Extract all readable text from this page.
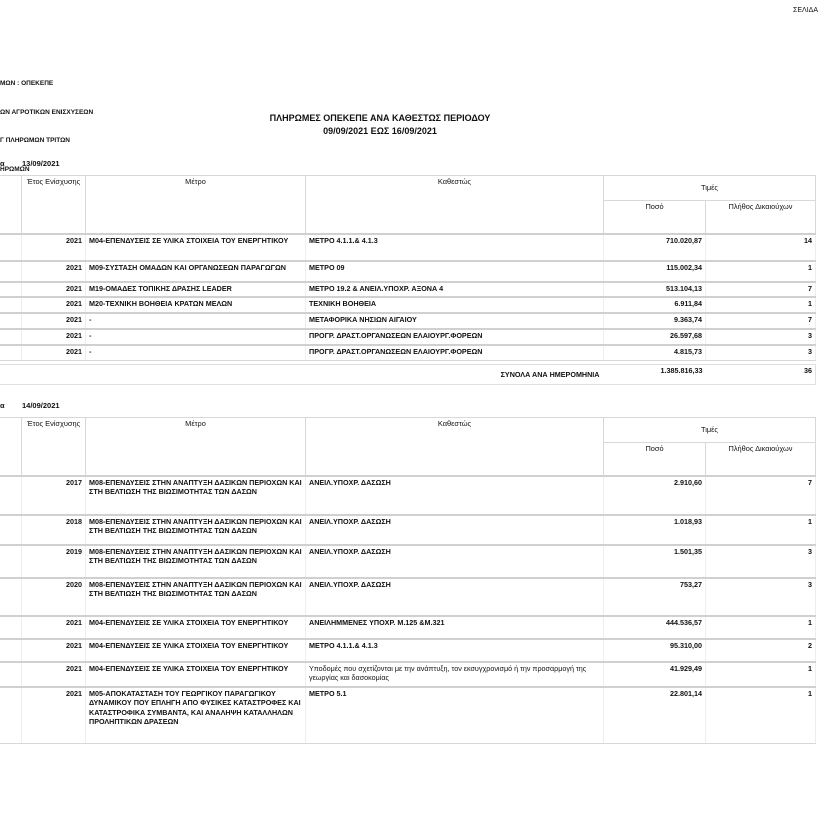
ΣΕΛΙΔΑ

ΜΩΝ : ΟΠΕΚΕΠΕ

ΩΝ ΑΓΡΟΤΙΚΩΝ ΕΝΙΣΧΥΣΕΩΝ

Γ ΠΛΗΡΩΜΩΝ ΤΡΙΤΩΝ

ΗΡΩΜΩΝ

ΠΛΗΡΩΜΕΣ ΟΠΕΚΕΠΕ ΑΝΑ ΚΑΘΕΣΤΩΣ ΠΕΡΙΟΔΟΥ
09/09/2021 ΕΩΣ 16/09/2021
α 13/09/2021
	Έτος Ενίσχυσης	Μέτρο	Καθεστώς	Τιμές	
				Ποσό	Πλήθος Δικαιούχων
	2021	Μ04-ΕΠΕΝΔΥΣΕΙΣ ΣΕ ΥΛΙΚΑ ΣΤΟΙΧΕΙΑ ΤΟΥ ΕΝΕΡΓΗΤΙΚΟΥ	ΜΕΤΡΟ 4.1.1.& 4.1.3	710.020,87	14
	2021	Μ09-ΣΥΣΤΑΣΗ ΟΜΑΔΩΝ ΚΑΙ ΟΡΓΑΝΩΣΕΩΝ ΠΑΡΑΓΩΓΩΝ	ΜΕΤΡΟ 09	115.002,34	1
	2021	Μ19-ΟΜΑΔΕΣ ΤΟΠΙΚΗΣ ΔΡΑΣΗΣ LEADER	ΜΕΤΡΟ 19.2 & ΑΝΕΙΛ.ΥΠΟΧΡ. ΑΞΟΝΑ 4	513.104,13	7
	2021	Μ20-ΤΕΧΝΙΚΗ ΒΟΗΘΕΙΑ ΚΡΑΤΩΝ ΜΕΛΩΝ	ΤΕΧΝΙΚΗ ΒΟΗΘΕΙΑ	6.911,84	1
	2021	-	ΜΕΤΑΦΟΡΙΚΑ ΝΗΣΙΩΝ ΑΙΓΑΙΟΥ	9.363,74	7
	2021	-	ΠΡΟΓΡ. ΔΡΑΣΤ.ΟΡΓΑΝΩΣΕΩΝ ΕΛΑΙΟΥΡΓ.ΦΟΡΕΩΝ	26.597,68	3
	2021	-	ΠΡΟΓΡ. ΔΡΑΣΤ.ΟΡΓΑΝΩΣΕΩΝ ΕΛΑΙΟΥΡΓ.ΦΟΡΕΩΝ	4.815,73	3

ΣΥΝΟΛΑ ΑΝΑ ΗΜΕΡΟΜΗΝΙΑ				1.385.816,33	36
α 14/09/2021
	Έτος Ενίσχυσης	Μέτρο	Καθεστώς	Τιμές	
				Ποσό	Πλήθος Δικαιούχων
	2017	Μ08-ΕΠΕΝΔΥΣΕΙΣ ΣΤΗΝ ΑΝΑΠΤΥΞΗ ΔΑΣΙΚΩΝ ΠΕΡΙΟΧΩΝ ΚΑΙ ΣΤΗ ΒΕΛΤΙΩΣΗ ΤΗΣ ΒΙΩΣΙΜΟΤΗΤΑΣ ΤΩΝ ΔΑΣΩΝ	ΑΝΕΙΛ.ΥΠΟΧΡ. ΔΑΣΩΣΗ	2.910,60	7
	2018	Μ08-ΕΠΕΝΔΥΣΕΙΣ ΣΤΗΝ ΑΝΑΠΤΥΞΗ ΔΑΣΙΚΩΝ ΠΕΡΙΟΧΩΝ ΚΑΙ ΣΤΗ ΒΕΛΤΙΩΣΗ ΤΗΣ ΒΙΩΣΙΜΟΤΗΤΑΣ ΤΩΝ ΔΑΣΩΝ	ΑΝΕΙΛ.ΥΠΟΧΡ. ΔΑΣΩΣΗ	1.018,93	1
	2019	Μ08-ΕΠΕΝΔΥΣΕΙΣ ΣΤΗΝ ΑΝΑΠΤΥΞΗ ΔΑΣΙΚΩΝ ΠΕΡΙΟΧΩΝ ΚΑΙ ΣΤΗ ΒΕΛΤΙΩΣΗ ΤΗΣ ΒΙΩΣΙΜΟΤΗΤΑΣ ΤΩΝ ΔΑΣΩΝ	ΑΝΕΙΛ.ΥΠΟΧΡ. ΔΑΣΩΣΗ	1.501,35	3
	2020	Μ08-ΕΠΕΝΔΥΣΕΙΣ ΣΤΗΝ ΑΝΑΠΤΥΞΗ ΔΑΣΙΚΩΝ ΠΕΡΙΟΧΩΝ ΚΑΙ ΣΤΗ ΒΕΛΤΙΩΣΗ ΤΗΣ ΒΙΩΣΙΜΟΤΗΤΑΣ ΤΩΝ ΔΑΣΩΝ	ΑΝΕΙΛ.ΥΠΟΧΡ. ΔΑΣΩΣΗ	753,27	3
	2021	Μ04-ΕΠΕΝΔΥΣΕΙΣ ΣΕ ΥΛΙΚΑ ΣΤΟΙΧΕΙΑ ΤΟΥ ΕΝΕΡΓΗΤΙΚΟΥ	ΑΝΕΙΛΗΜΜΕΝΕΣ ΥΠΟΧΡ. Μ.125 &Μ.321	444.536,57	1
	2021	Μ04-ΕΠΕΝΔΥΣΕΙΣ ΣΕ ΥΛΙΚΑ ΣΤΟΙΧΕΙΑ ΤΟΥ ΕΝΕΡΓΗΤΙΚΟΥ	ΜΕΤΡΟ 4.1.1.& 4.1.3	95.310,00	2
	2021	Μ04-ΕΠΕΝΔΥΣΕΙΣ ΣΕ ΥΛΙΚΑ ΣΤΟΙΧΕΙΑ ΤΟΥ ΕΝΕΡΓΗΤΙΚΟΥ	Υποδομές που σχετίζονται με την ανάπτυξη, τον εκσυγχρονισμό ή την προσαρμογή της γεωργίας και δασοκομίας	41.929,49	1
	2021	Μ05-ΑΠΟΚΑΤΑΣΤΑΣΗ ΤΟΥ ΓΕΩΡΓΙΚΟΥ ΠΑΡΑΓΩΓΙΚΟΥ ΔΥΝΑΜΙΚΟΥ ΠΟΥ ΕΠΛΗΓΗ ΑΠΟ ΦΥΣΙΚΕΣ ΚΑΤΑΣΤΡΟΦΕΣ ΚΑΙ ΚΑΤΑΣΤΡΟΦΙΚΑ ΣΥΜΒΑΝΤΑ, ΚΑΙ ΑΝΑΛΗΨΗ ΚΑΤΑΛΛΗΛΩΝ ΠΡΟΛΗΠΤΙΚΩΝ ΔΡΑΣΕΩΝ	ΜΕΤΡΟ 5.1	22.801,14	1
